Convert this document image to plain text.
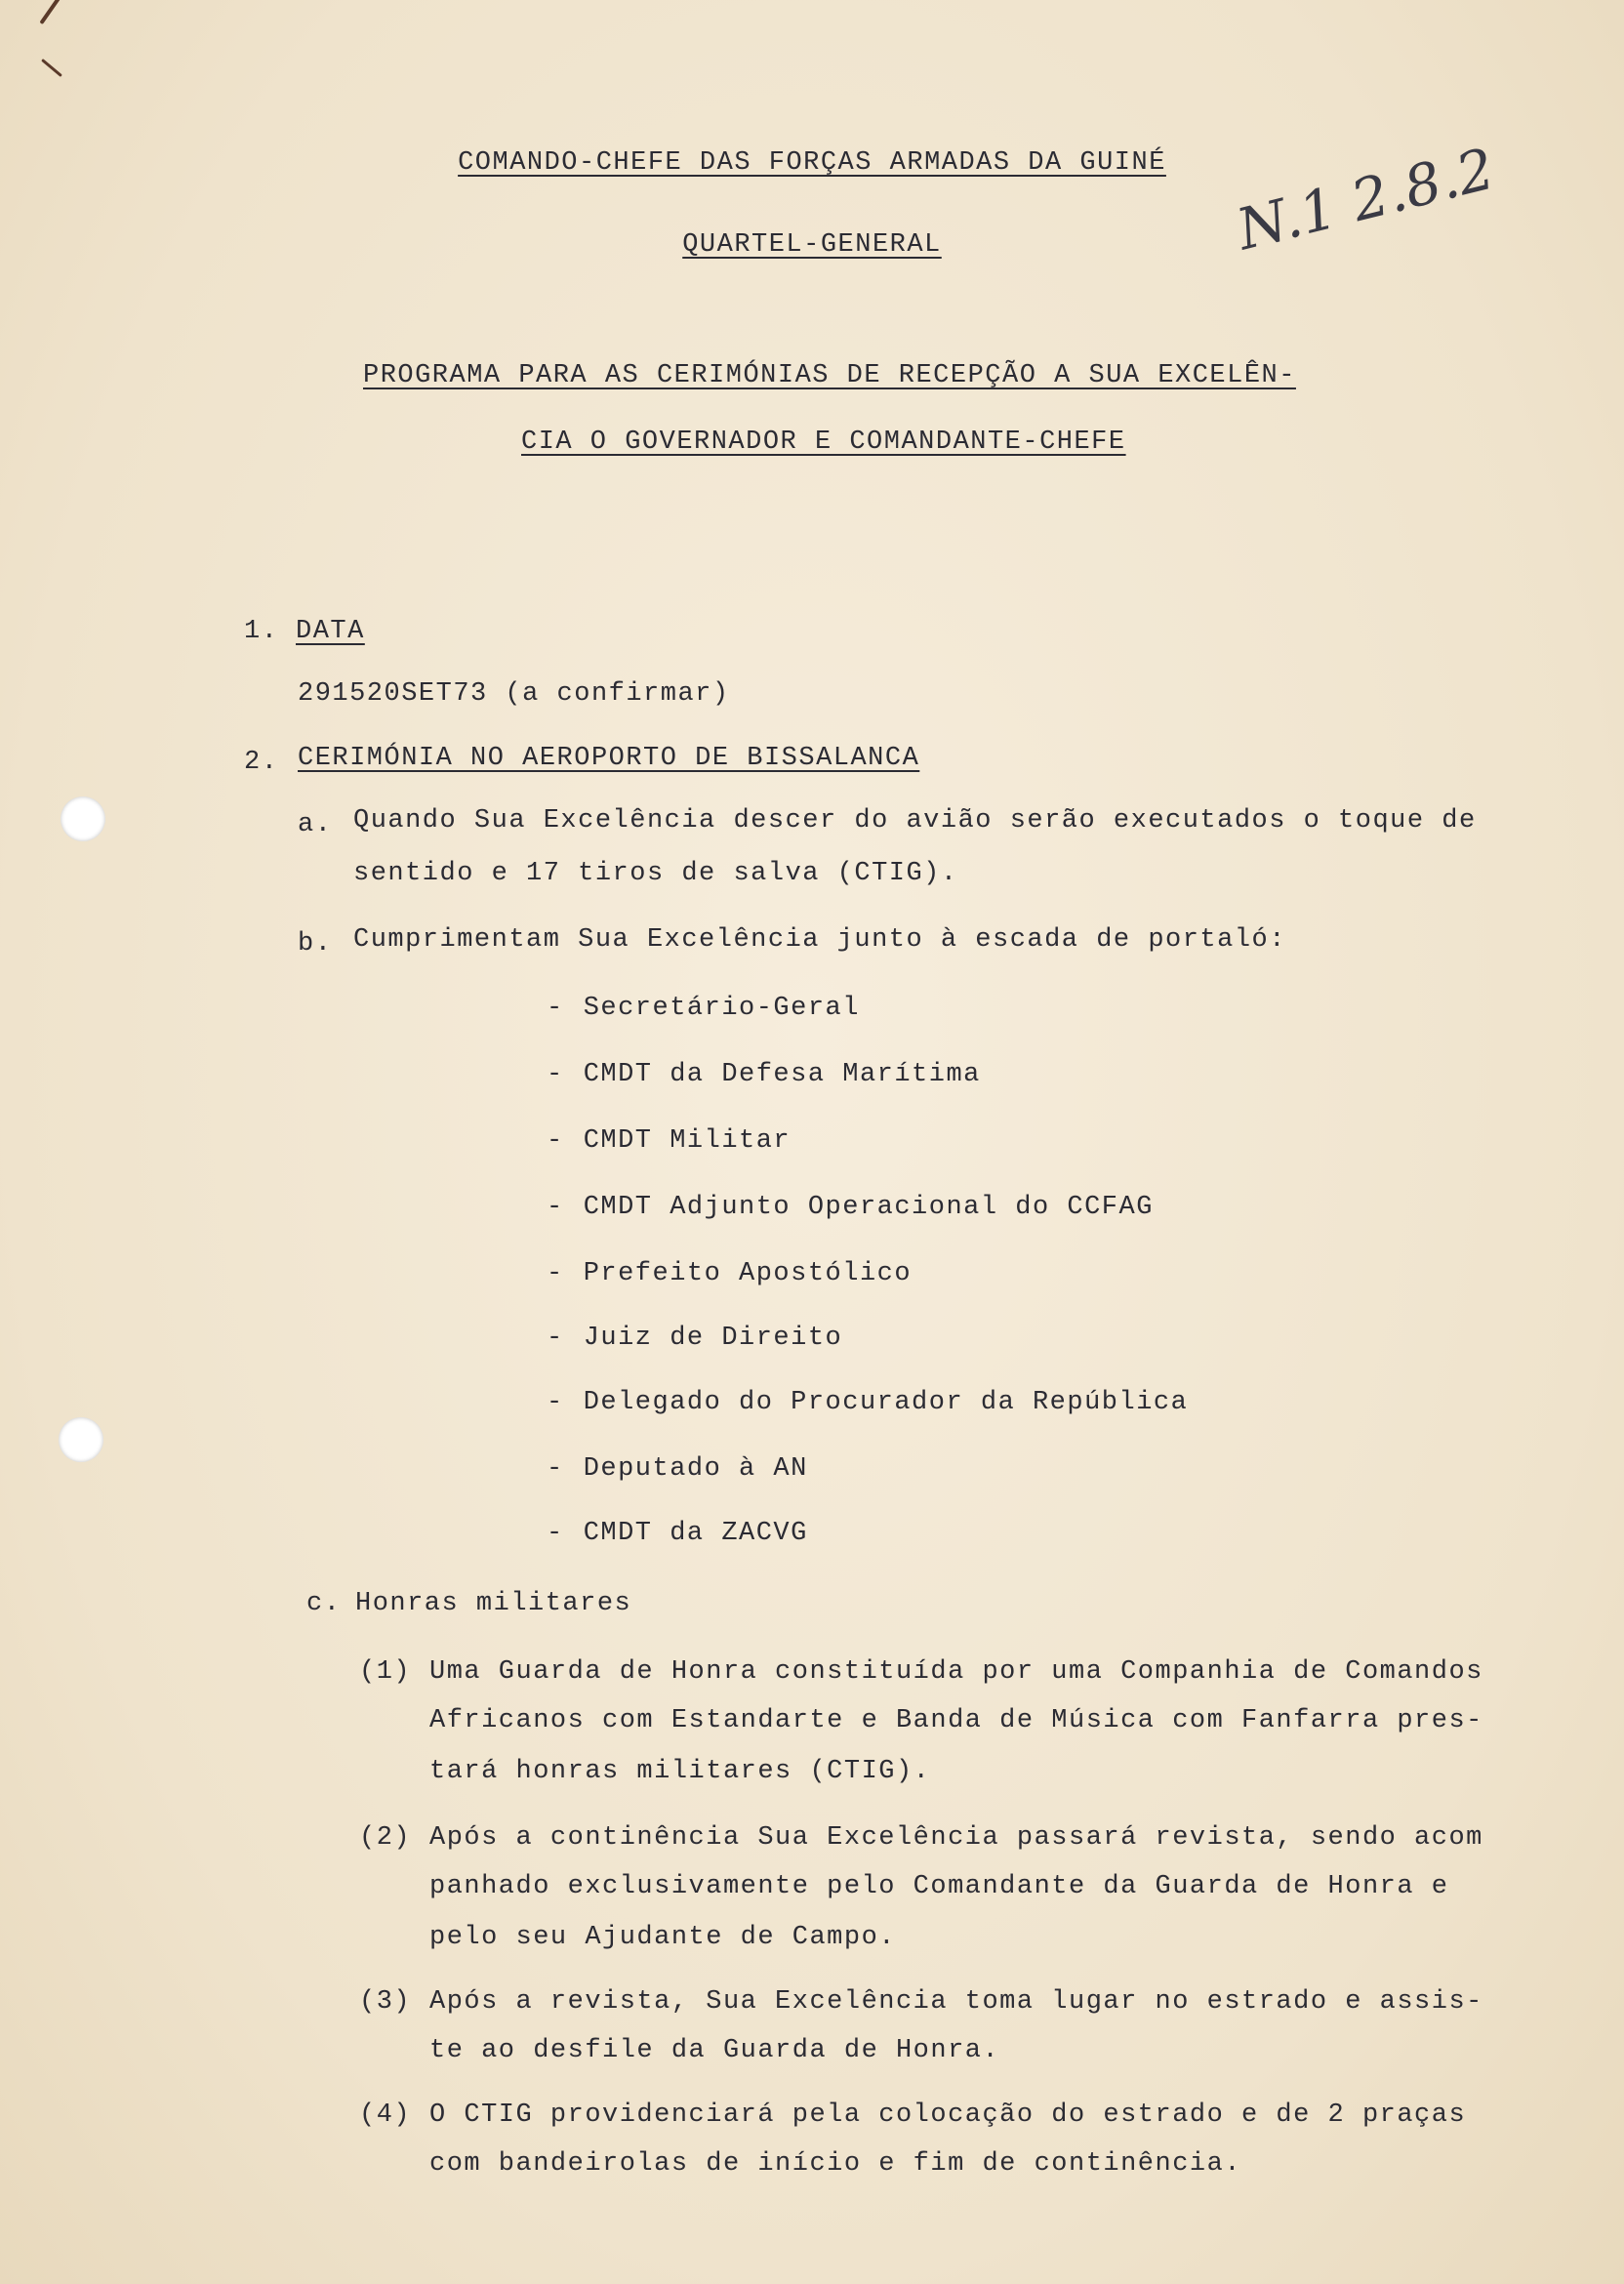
N.1 2.8.2
COMANDO-CHEFE DAS FORÇAS ARMADAS DA GUINÉ
QUARTEL-GENERAL
PROGRAMA PARA AS CERIMÓNIAS DE RECEPÇÃO A SUA EXCELÊN-
CIA O GOVERNADOR E COMANDANTE-CHEFE
1. DATA
291520SET73 (a confirmar)
2. CERIMÓNIA NO AEROPORTO DE BISSALANCA
a. Quando Sua Excelência descer do avião serão executados o toque de
sentido e 17 tiros de salva (CTIG).
b. Cumprimentam Sua Excelência junto à escada de portaló:
- Secretário-Geral
- CMDT da Defesa Marítima
- CMDT Militar
- CMDT Adjunto Operacional do CCFAG
- Prefeito Apostólico
- Juiz de Direito
- Delegado do Procurador da República
- Deputado à AN
- CMDT da ZACVG
c. Honras militares
(1) Uma Guarda de Honra constituída por uma Companhia de Comandos
Africanos com Estandarte e Banda de Música com Fanfarra pres-
tará honras militares (CTIG).
(2) Após a continência Sua Excelência passará revista, sendo acom
panhado exclusivamente pelo Comandante da Guarda de Honra e
pelo seu Ajudante de Campo.
(3) Após a revista, Sua Excelência toma lugar no estrado e assis-
te ao desfile da Guarda de Honra.
(4) O CTIG providenciará pela colocação do estrado e de 2 praças
com bandeirolas de início e fim de continência.
